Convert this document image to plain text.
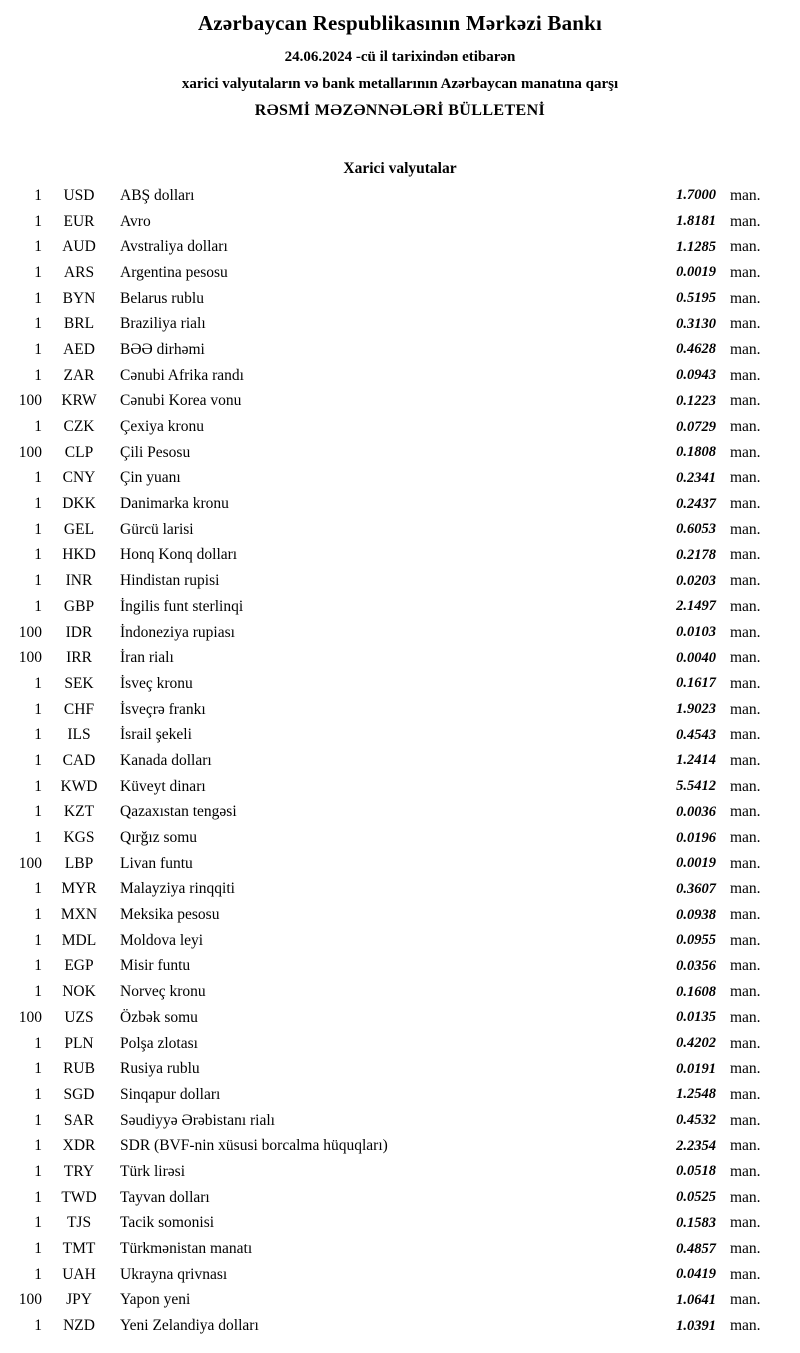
Azərbaycan Respublikasının Mərkəzi Bankı
24.06.2024 -cü il tarixindən etibarən
xarici valyutaların və bank metallarının Azərbaycan manatına qarşı
RƏSMİ MƏZƏNNƏLƏRİ BÜLLETENİ
Xarici valyutalar
1	USD	ABŞ dolları	1.7000 man.
1	EUR	Avro	1.8181 man.
1	AUD	Avstraliya dolları	1.1285 man.
1	ARS	Argentina pesosu	0.0019 man.
1	BYN	Belarus rublu	0.5195 man.
1	BRL	Braziliya rialı	0.3130 man.
1	AED	BƏƏ dirhəmi	0.4628 man.
1	ZAR	Cənubi Afrika randı	0.0943 man.
100	KRW	Cənubi Korea vonu	0.1223 man.
1	CZK	Çexiya kronu	0.0729 man.
100	CLP	Çili Pesosu	0.1808 man.
1	CNY	Çin yuanı	0.2341 man.
1	DKK	Danimarka kronu	0.2437 man.
1	GEL	Gürcü larisi	0.6053 man.
1	HKD	Honq Konq dolları	0.2178 man.
1	INR	Hindistan rupisi	0.0203 man.
1	GBP	İngilis funt sterlinqi	2.1497 man.
100	IDR	İndoneziya rupiası	0.0103 man.
100	IRR	İran rialı	0.0040 man.
1	SEK	İsveç kronu	0.1617 man.
1	CHF	İsveçrə frankı	1.9023 man.
1	ILS	İsrail şekeli	0.4543 man.
1	CAD	Kanada dolları	1.2414 man.
1	KWD	Küveyt dinarı	5.5412 man.
1	KZT	Qazaxıstan tengəsi	0.0036 man.
1	KGS	Qırğız somu	0.0196 man.
100	LBP	Livan funtu	0.0019 man.
1	MYR	Malayziya rinqqiti	0.3607 man.
1	MXN	Meksika pesosu	0.0938 man.
1	MDL	Moldova leyi	0.0955 man.
1	EGP	Misir funtu	0.0356 man.
1	NOK	Norveç kronu	0.1608 man.
100	UZS	Özbək somu	0.0135 man.
1	PLN	Polşa zlotası	0.4202 man.
1	RUB	Rusiya rublu	0.0191 man.
1	SGD	Sinqapur dolları	1.2548 man.
1	SAR	Səudiyyə Ərəbistanı rialı	0.4532 man.
1	XDR	SDR (BVF-nin xüsusi borcalma hüquqları)	2.2354 man.
1	TRY	Türk lirəsi	0.0518 man.
1	TWD	Tayvan dolları	0.0525 man.
1	TJS	Tacik somonisi	0.1583 man.
1	TMT	Türkmənistan manatı	0.4857 man.
1	UAH	Ukrayna qrivnası	0.0419 man.
100	JPY	Yapon yeni	1.0641 man.
1	NZD	Yeni Zelandiya dolları	1.0391 man.
